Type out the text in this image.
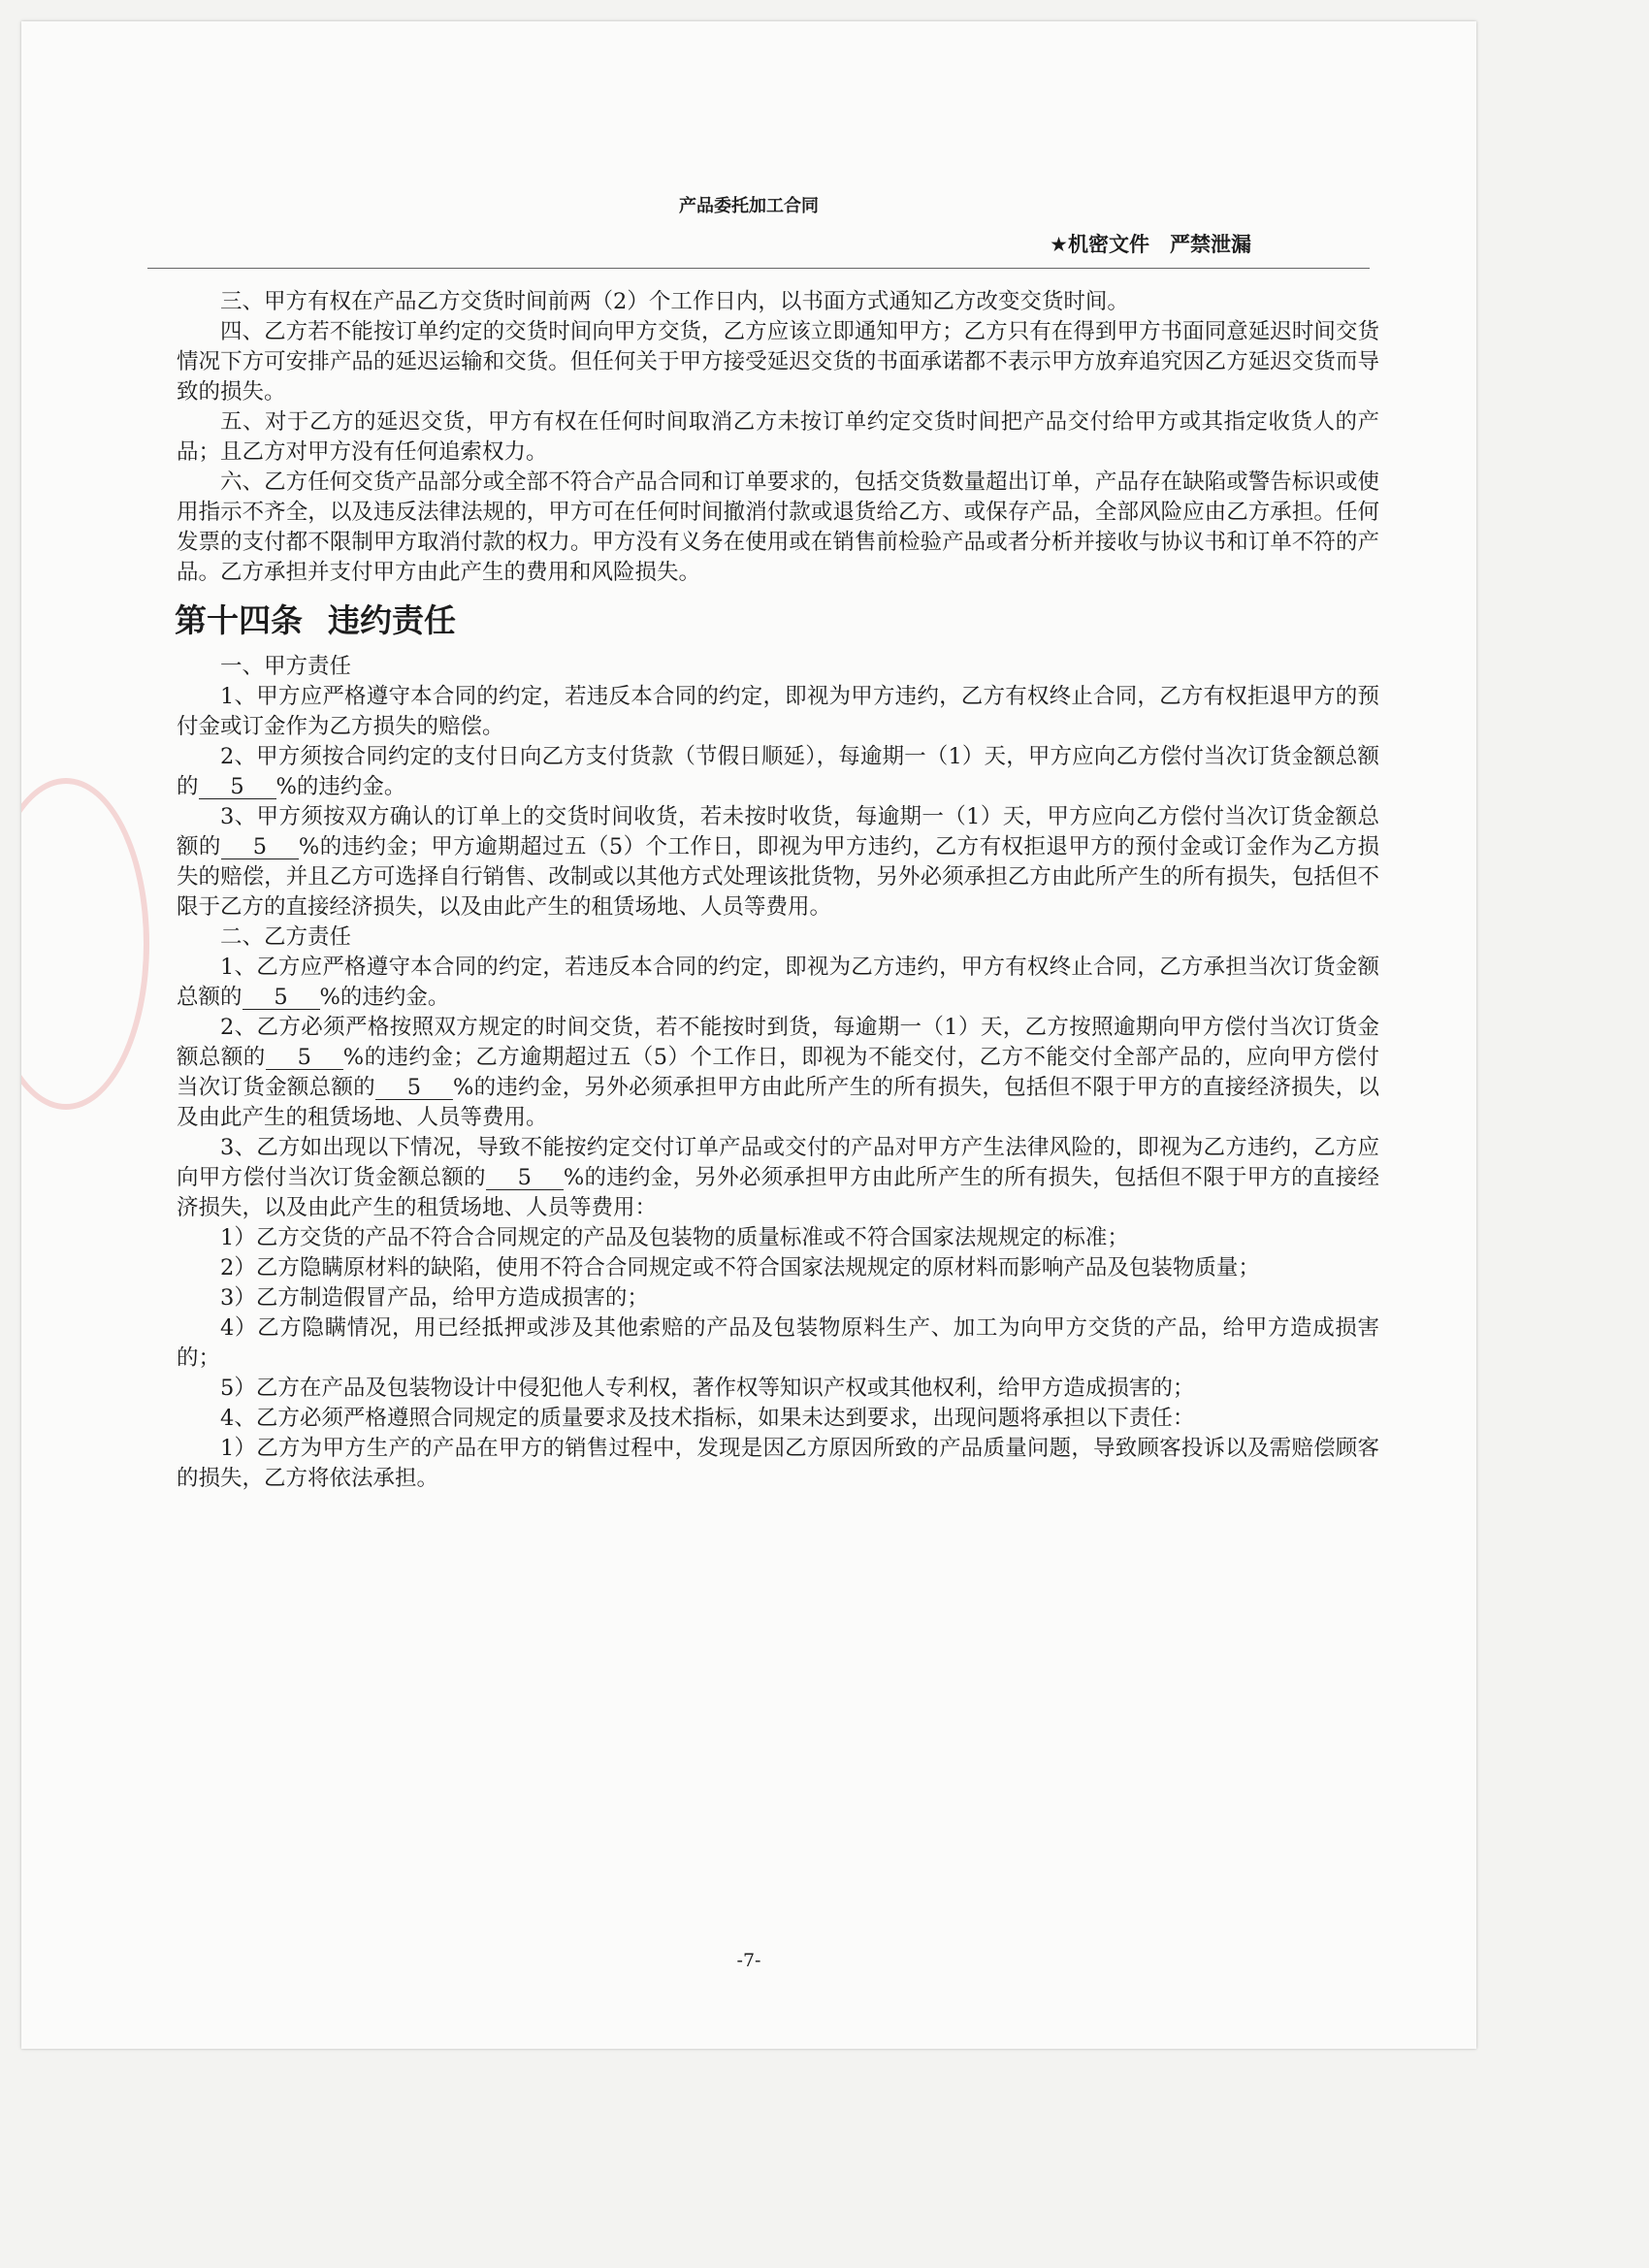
产品委托加工合同
★机密文件　严禁泄漏

三、甲方有权在产品乙方交货时间前两（2）个工作日内，以书面方式通知乙方改变交货时间。

四、乙方若不能按订单约定的交货时间向甲方交货，乙方应该立即通知甲方；乙方只有在得到甲方书面同意延迟时间交货情况下方可安排产品的延迟运输和交货。但任何关于甲方接受延迟交货的书面承诺都不表示甲方放弃追究因乙方延迟交货而导致的损失。

五、对于乙方的延迟交货，甲方有权在任何时间取消乙方未按订单约定交货时间把产品交付给甲方或其指定收货人的产品；且乙方对甲方没有任何追索权力。

六、乙方任何交货产品部分或全部不符合产品合同和订单要求的，包括交货数量超出订单，产品存在缺陷或警告标识或使用指示不齐全，以及违反法律法规的，甲方可在任何时间撤消付款或退货给乙方、或保存产品，全部风险应由乙方承担。任何发票的支付都不限制甲方取消付款的权力。甲方没有义务在使用或在销售前检验产品或者分析并接收与协议书和订单不符的产品。乙方承担并支付甲方由此产生的费用和风险损失。

第十四条 违约责任

一、甲方责任

1、甲方应严格遵守本合同的约定，若违反本合同的约定，即视为甲方违约，乙方有权终止合同，乙方有权拒退甲方的预付金或订金作为乙方损失的赔偿。

2、甲方须按合同约定的支付日向乙方支付货款（节假日顺延），每逾期一（1）天，甲方应向乙方偿付当次订货金额总额的 5 %的违约金。

3、甲方须按双方确认的订单上的交货时间收货，若未按时收货，每逾期一（1）天，甲方应向乙方偿付当次订货金额总额的 5 %的违约金；甲方逾期超过五（5）个工作日，即视为甲方违约，乙方有权拒退甲方的预付金或订金作为乙方损失的赔偿，并且乙方可选择自行销售、改制或以其他方式处理该批货物，另外必须承担乙方由此所产生的所有损失，包括但不限于乙方的直接经济损失，以及由此产生的租赁场地、人员等费用。

二、乙方责任

1、乙方应严格遵守本合同的约定，若违反本合同的约定，即视为乙方违约，甲方有权终止合同，乙方承担当次订货金额总额的 5 %的违约金。

2、乙方必须严格按照双方规定的时间交货，若不能按时到货，每逾期一（1）天，乙方按照逾期向甲方偿付当次订货金额总额的 5 %的违约金；乙方逾期超过五（5）个工作日，即视为不能交付，乙方不能交付全部产品的，应向甲方偿付当次订货金额总额的 5 %的违约金，另外必须承担甲方由此所产生的所有损失，包括但不限于甲方的直接经济损失，以及由此产生的租赁场地、人员等费用。

3、乙方如出现以下情况，导致不能按约定交付订单产品或交付的产品对甲方产生法律风险的，即视为乙方违约，乙方应向甲方偿付当次订货金额总额的 5 %的违约金，另外必须承担甲方由此所产生的所有损失，包括但不限于甲方的直接经济损失，以及由此产生的租赁场地、人员等费用：

1）乙方交货的产品不符合合同规定的产品及包装物的质量标准或不符合国家法规规定的标准；

2）乙方隐瞒原材料的缺陷，使用不符合合同规定或不符合国家法规规定的原材料而影响产品及包装物质量；

3）乙方制造假冒产品，给甲方造成损害的；

4）乙方隐瞒情况，用已经抵押或涉及其他索赔的产品及包装物原料生产、加工为向甲方交货的产品，给甲方造成损害的；

5）乙方在产品及包装物设计中侵犯他人专利权，著作权等知识产权或其他权利，给甲方造成损害的；

4、乙方必须严格遵照合同规定的质量要求及技术指标，如果未达到要求，出现问题将承担以下责任：

1）乙方为甲方生产的产品在甲方的销售过程中，发现是因乙方原因所致的产品质量问题，导致顾客投诉以及需赔偿顾客的损失，乙方将依法承担。

-7-
